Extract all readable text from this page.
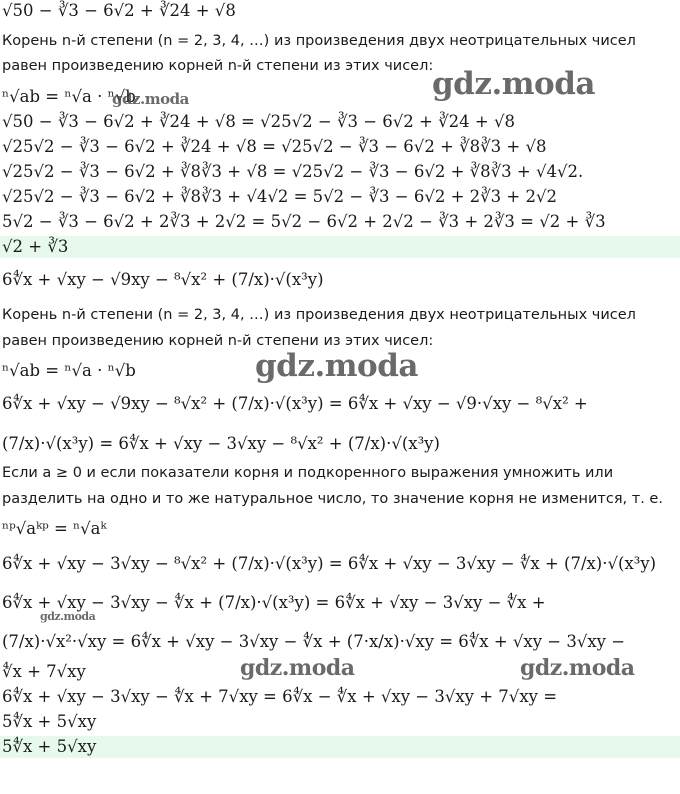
√50 − ∛3 − 6√2 + ∛24 + √8
Корень n-й степени (n = 2, 3, 4, …) из произведения двух неотрицательных чисел
равен произведению корней n-й степени из этих чисел:
ⁿ√ab = ⁿ√a · ⁿ√b
√50 − ∛3 − 6√2 + ∛24 + √8 = √25√2 − ∛3 − 6√2 + ∛24 + √8
√25√2 − ∛3 − 6√2 + ∛24 + √8 = √25√2 − ∛3 − 6√2 + ∛8∛3 + √8
√25√2 − ∛3 − 6√2 + ∛8∛3 + √8 = √25√2 − ∛3 − 6√2 + ∛8∛3 + √4√2.
√25√2 − ∛3 − 6√2 + ∛8∛3 + √4√2 = 5√2 − ∛3 − 6√2 + 2∛3 + 2√2
5√2 − ∛3 − 6√2 + 2∛3 + 2√2 = 5√2 − 6√2 + 2√2 − ∛3 + 2∛3 = √2 + ∛3
√2 + ∛3
6∜x + √xy − √9xy − ⁸√x² + (7/x)·√(x³y)
Корень n-й степени (n = 2, 3, 4, …) из произведения двух неотрицательных чисел
равен произведению корней n-й степени из этих чисел:
ⁿ√ab = ⁿ√a · ⁿ√b
6∜x + √xy − √9xy − ⁸√x² + (7/x)·√(x³y) = 6∜x + √xy − √9·√xy − ⁸√x² +
(7/x)·√(x³y) = 6∜x + √xy − 3√xy − ⁸√x² + (7/x)·√(x³y)
Если a ≥ 0 и если показатели корня и подкоренного выражения умножить или
разделить на одно и то же натуральное число, то значение корня не изменится, т. е.
ⁿᵖ√aᵏᵖ = ⁿ√aᵏ
6∜x + √xy − 3√xy − ⁸√x² + (7/x)·√(x³y) = 6∜x + √xy − 3√xy − ∜x + (7/x)·√(x³y)
6∜x + √xy − 3√xy − ∜x + (7/x)·√(x³y) = 6∜x + √xy − 3√xy − ∜x +
(7/x)·√x²·√xy = 6∜x + √xy − 3√xy − ∜x + (7·x/x)·√xy = 6∜x + √xy − 3√xy −
∜x + 7√xy
6∜x + √xy − 3√xy − ∜x + 7√xy = 6∜x − ∜x + √xy − 3√xy + 7√xy =
5∜x + 5√xy
5∜x + 5√xy
gdz.moda
gdz.moda
gdz.moda
gdz.moda
gdz.moda	gdz.moda
